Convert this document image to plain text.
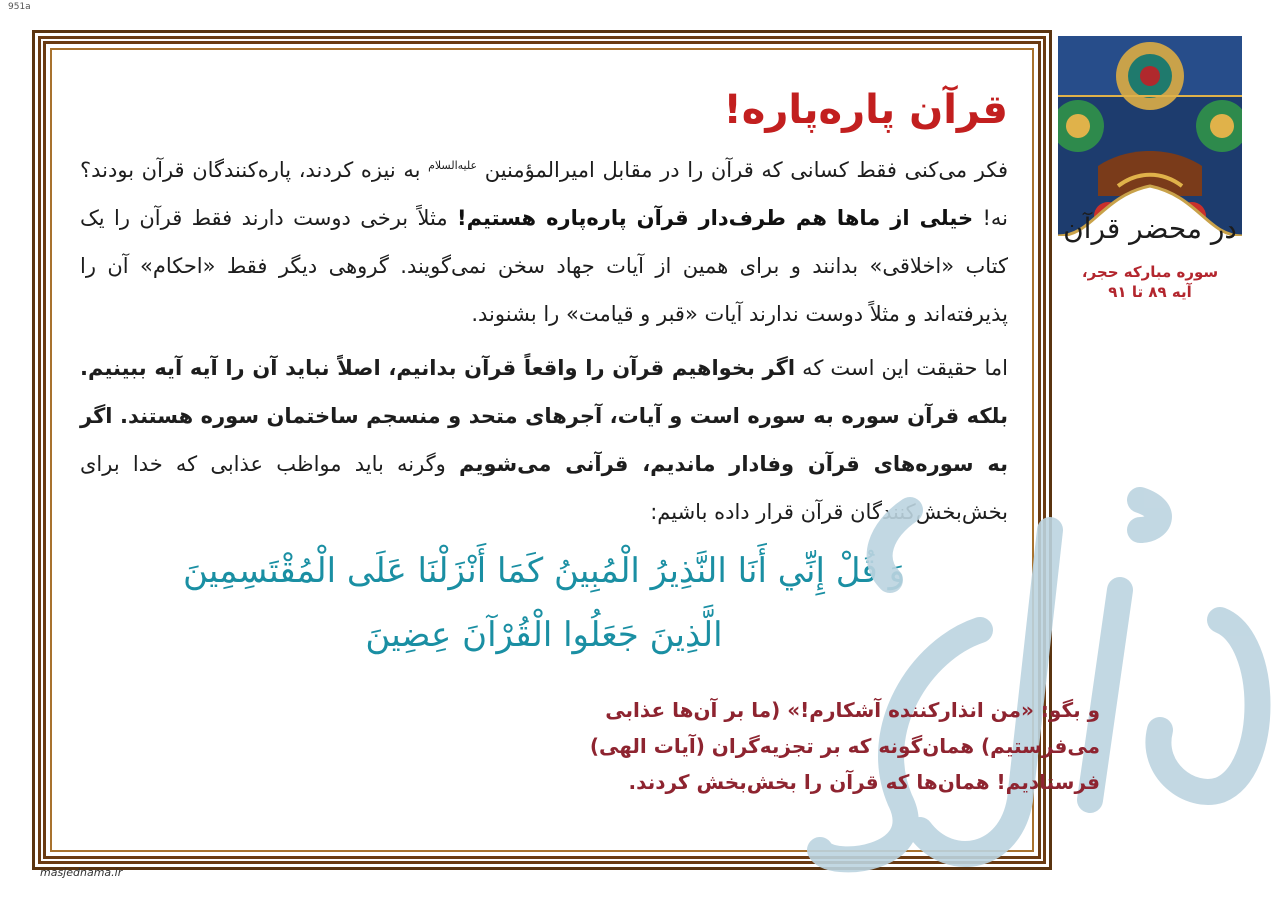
951a
قرآن پاره‌پاره!

فکر می‌کنی فقط کسانی که قرآن را در مقابل امیرالمؤمنین $^{علیه‌السلام}$ به نیزه کردند، پاره‌کنندگان قرآن بودند؟ نه! خیلی از ماها هم طرف‌دار قرآن پاره‌پاره هستیم! مثلاً برخی دوست دارند فقط قرآن را یک کتاب «اخلاقی» بدانند و برای همین از آیات جهاد سخن نمی‌گویند. گروهی دیگر فقط «احکام» آن را پذیرفته‌اند و مثلاً دوست ندارند آیات «قبر و قیامت» را بشنوند.

اما حقیقت این است که اگر بخواهیم قرآن را واقعاً قرآن بدانیم، اصلاً نباید آن را آیه آیه ببینیم. بلکه قرآن سوره به سوره است و آیات، آجرهای متحد و منسجم ساختمان سوره هستند. اگر به سوره‌های قرآن وفادار ماندیم، قرآنی می‌شویم وگرنه باید مواظب عذابی که خدا برای بخش‌بخش‌کنندگان قرآن قرار داده باشیم:

وَ قُلْ إِنِّي أَنَا النَّذِيرُ الْمُبِينُ كَمَا أَنْزَلْنَا عَلَى الْمُقْتَسِمِينَ
الَّذِينَ جَعَلُوا الْقُرْآنَ عِضِينَ
و بگو: «من انذارکننده آشکارم!» (ما بر آن‌ها عذابی می‌فرستیم) همان‌گونه که بر تجزیه‌گران (آیات الهی) فرستادیم! همان‌ها که قرآن را بخش‌بخش کردند.
در محضر قرآن
سوره مبارکه حجر،
آیه ۸۹ تا ۹۱
masjednama.ir
